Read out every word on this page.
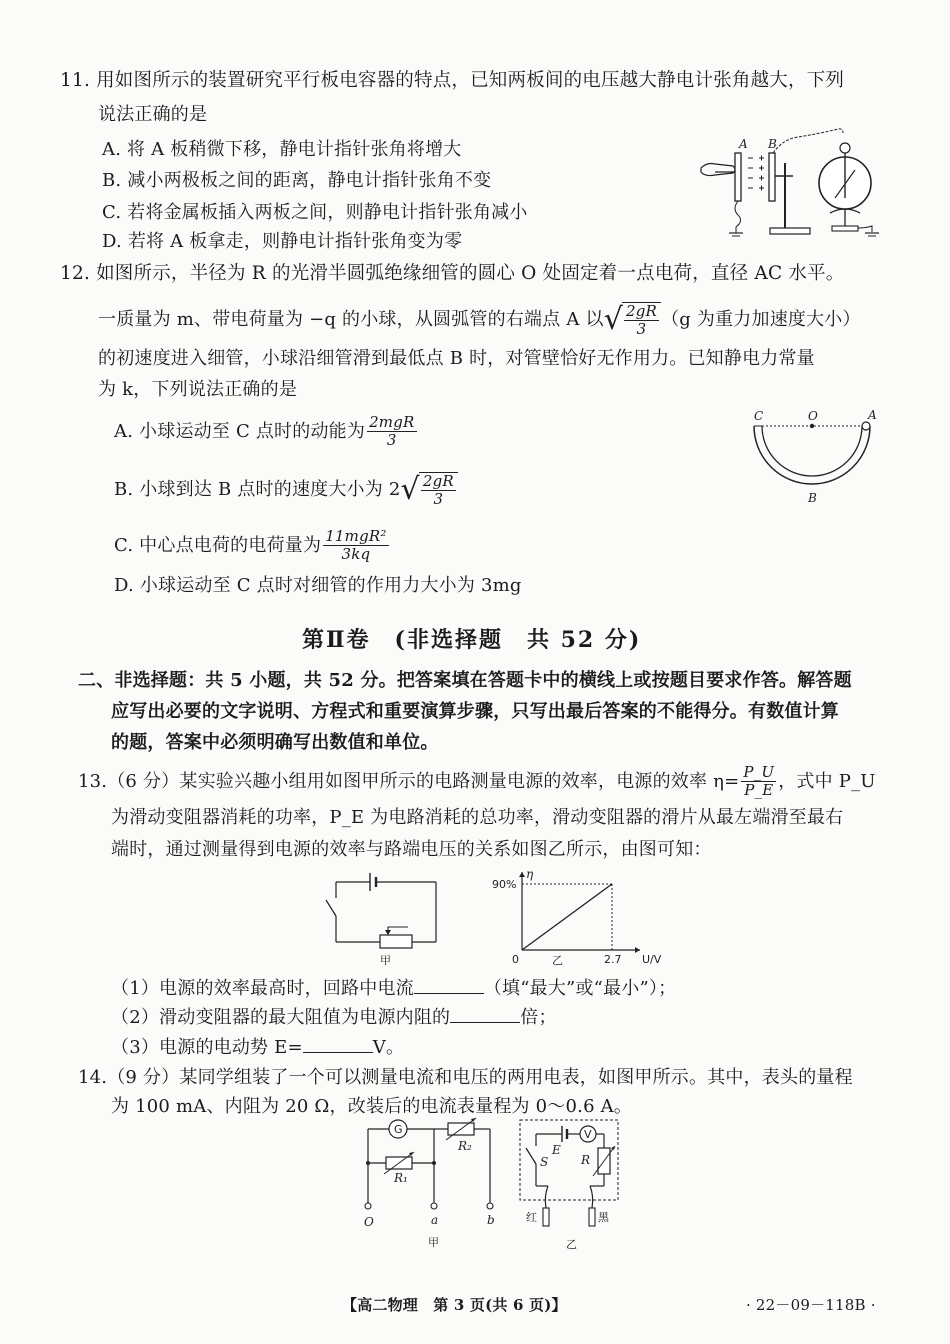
11. 用如图所示的装置研究平行板电容器的特点，已知两板间的电压越大静电计张角越大，下列
说法正确的是
A. 将 A 板稍微下移，静电计指针张角将增大
B. 减小两极板之间的距离，静电计指针张角不变
C. 若将金属板插入两板之间，则静电计指针张角减小
D. 若将 A 板拿走，则静电计指针张角变为零
A B
12. 如图所示，半径为 R 的光滑半圆弧绝缘细管的圆心 O 处固定着一点电荷，直径 AC 水平。
一质量为 m、带电荷量为 −q 的小球，从圆弧管的右端点 A 以 √ $\frac{2gR}{3} (g$ 为重力加速度大小）
的初速度进入细管，小球沿细管滑到最低点 B 时，对管壁恰好无作用力。已知静电力常量
为 k，下列说法正确的是
A. 小球运动至 C 点时的动能为 $\frac{\text{2mgR}}{3}$
B. 小球到达 B 点时的速度大小为 2 √ $\frac{2gR}{3}$
C. 中心点电荷的电荷量为 $\frac{\text{11mgR²}}{3kq}$
D. 小球运动至 C 点时对细管的作用力大小为 3mg
C	O	A
B
第Ⅱ卷　(非选择题　共 52 分)
二、非选择题：共 5 小题，共 52 分。把答案填在答题卡中的横线上或按题目要求作答。解答题
应写出必要的文字说明、方程式和重要演算步骤，只写出最后答案的不能得分。有数值计算
的题，答案中必须明确写出数值和单位。
13.（6 分）某实验兴趣小组用如图甲所示的电路测量电源的效率，电源的效率 $\eta= \frac{P\_U}{P\_E}$ ，式中 P_U
为滑动变阻器消耗的功率，P_E 为电路消耗的总功率，滑动变阻器的滑片从最左端滑至最右
端时，通过测量得到电源的效率与路端电压的关系如图乙所示，由图可知：
甲	2.7
90%
η
U/V
0	乙
（1）电源的效率最高时，回路中电流	（填“最大”或“最小”）；
（2）滑动变阻器的最大阻值为电源内阻的	倍；
（3）电源的电动势 E=	V。
14.（9 分）某同学组装了一个可以测量电流和电压的两用电表，如图甲所示。其中，表头的量程
为 100 mA、内阻为 20 Ω，改装后的电流表量程为 0～0.6 A。
G
R₁
R₂
O	a	b
甲
E
V
R
S
红	黑
乙
【高二物理　第 3 页(共 6 页)】	· 22－09－118B ·
